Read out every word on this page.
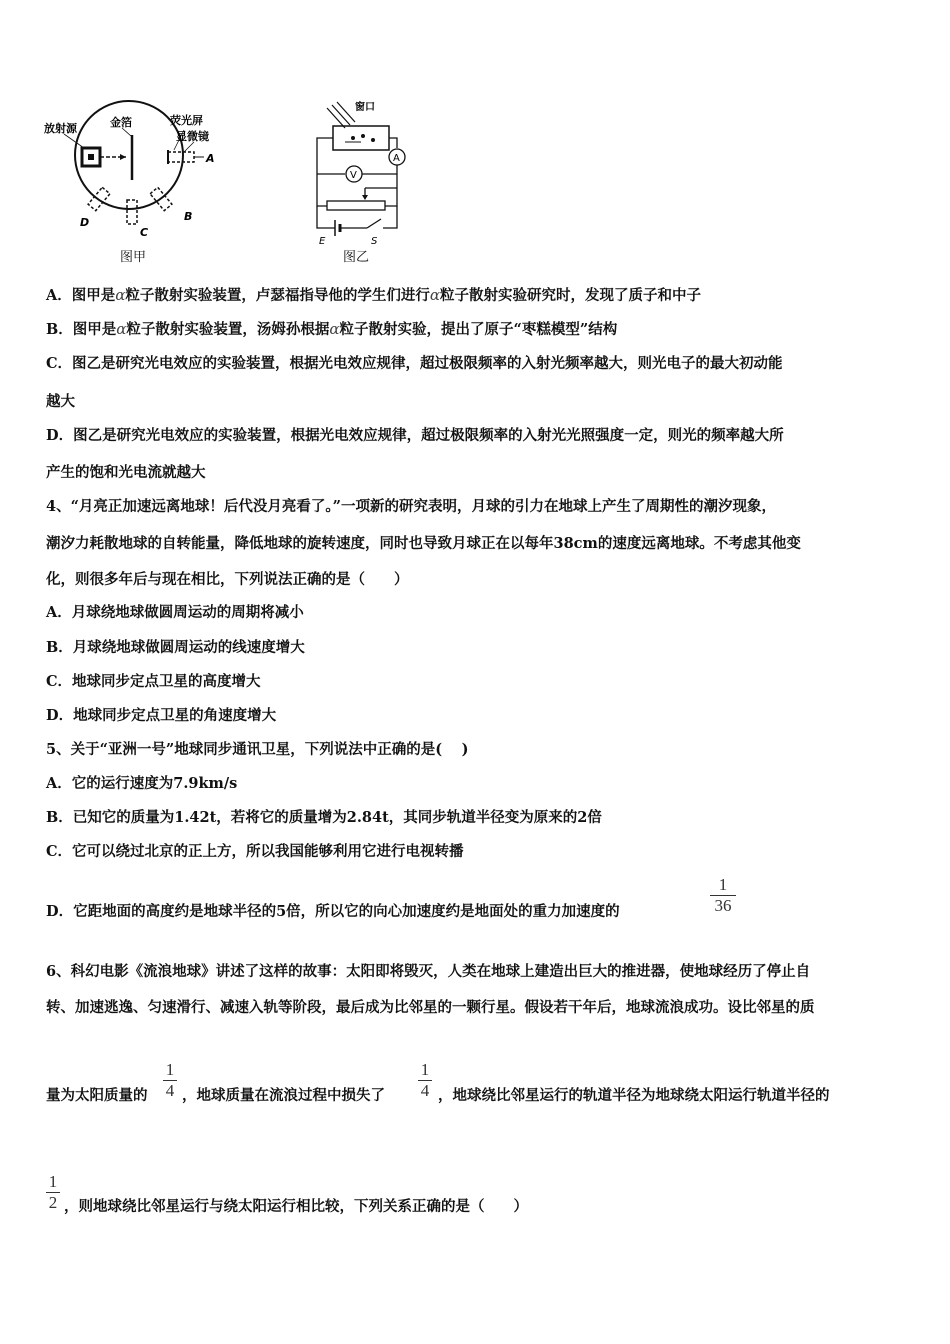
放射源	金箔	荧光屏
显微镜
A
B
C
D
图甲
窗口
A
V
E	S
图乙
A．图甲是α粒子散射实验装置，卢瑟福指导他的学生们进行α粒子散射实验研究时，发现了质子和中子
B．图甲是α粒子散射实验装置，汤姆孙根据α粒子散射实验，提出了原子“枣糕模型”结构
C．图乙是研究光电效应的实验装置，根据光电效应规律，超过极限频率的入射光频率越大，则光电子的最大初动能
越大
D．图乙是研究光电效应的实验装置，根据光电效应规律，超过极限频率的入射光光照强度一定，则光的频率越大所
产生的饱和光电流就越大
4、“月亮正加速远离地球！后代没月亮看了。”一项新的研究表明，月球的引力在地球上产生了周期性的潮汐现象，
潮汐力耗散地球的自转能量，降低地球的旋转速度，同时也导致月球正在以每年38cm的速度远离地球。不考虑其他变
化，则很多年后与现在相比，下列说法正确的是（　　）
A．月球绕地球做圆周运动的周期将减小
B．月球绕地球做圆周运动的线速度增大
C．地球同步定点卫星的高度增大
D．地球同步定点卫星的角速度增大
5、关于“亚洲一号”地球同步通讯卫星，下列说法中正确的是(　 )
A．它的运行速度为7.9km/s
B．已知它的质量为1.42t，若将它的质量增为2.84t，其同步轨道半径变为原来的2倍
C．它可以绕过北京的正上方，所以我国能够利用它进行电视转播
D．它距地面的高度约是地球半径的5倍，所以它的向心加速度约是地面处的重力加速度的
1
36
6、科幻电影《流浪地球》讲述了这样的故事：太阳即将毁灭，人类在地球上建造出巨大的推进器，使地球经历了停止自
转、加速逃逸、匀速滑行、减速入轨等阶段，最后成为比邻星的一颗行星。假设若干年后，地球流浪成功。设比邻星的质
量为太阳质量的
1
4 ，地球质量在流浪过程中损失了
1
4 ，地球绕比邻星运行的轨道半径为地球绕太阳运行轨道半径的
1
2 ，则地球绕比邻星运行与绕太阳运行相比较，下列关系正确的是（　　）
